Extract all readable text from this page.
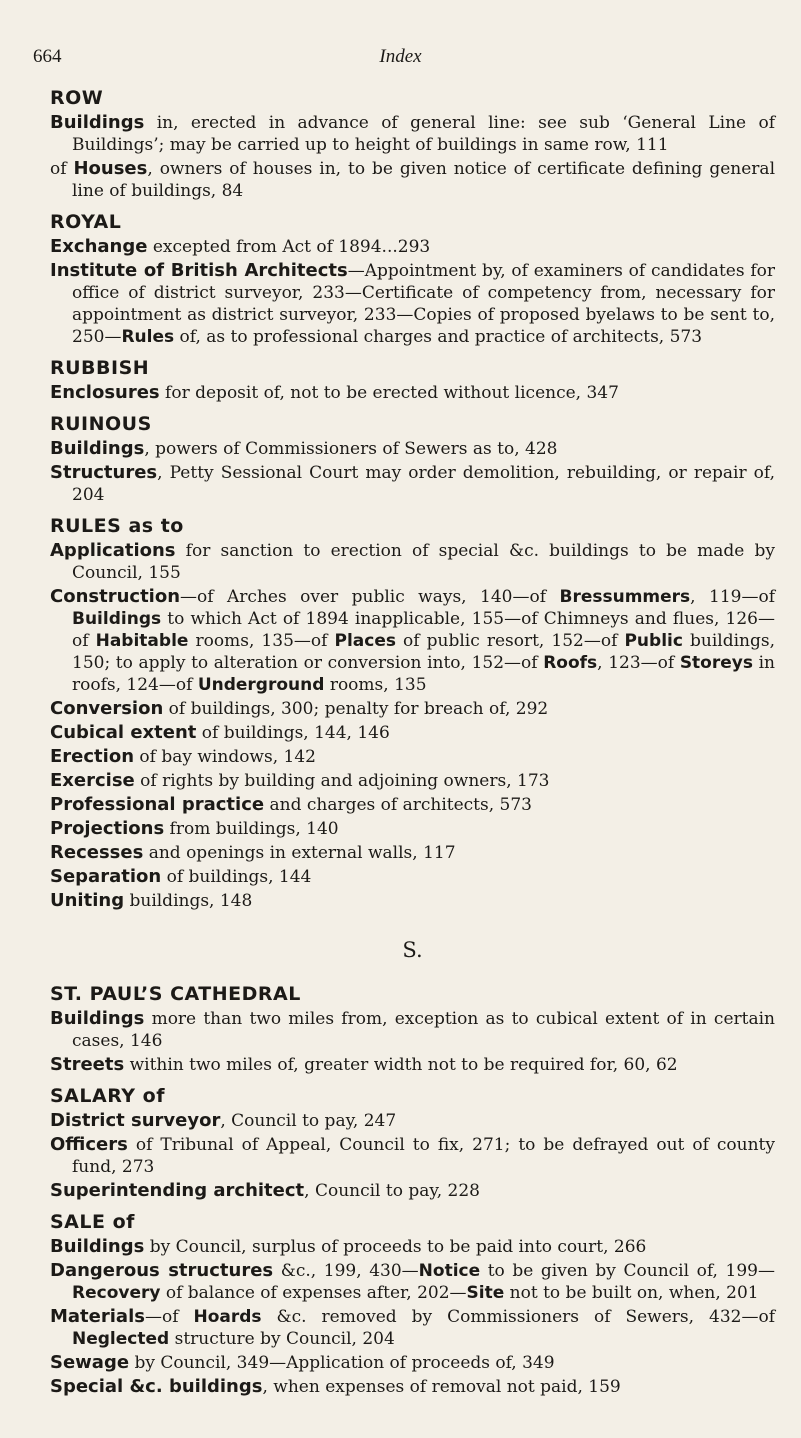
664	Index
ROW
Buildings in, erected in advance of general line: see sub ‘General Line of Buildings’; may be carried up to height of buildings in same row, 111
of Houses, owners of houses in, to be given notice of certificate defining general line of buildings, 84
ROYAL
Exchange excepted from Act of 1894...293
Institute of British Architects—Appointment by, of examiners of candidates for office of district surveyor, 233—Certificate of competency from, necessary for appointment as district surveyor, 233—Copies of proposed byelaws to be sent to, 250—Rules of, as to professional charges and practice of architects, 573
RUBBISH
Enclosures for deposit of, not to be erected without licence, 347
RUINOUS
Buildings, powers of Commissioners of Sewers as to, 428
Structures, Petty Sessional Court may order demolition, rebuilding, or repair of, 204
RULES as to
Applications for sanction to erection of special &c. buildings to be made by Council, 155
Construction—of Arches over public ways, 140—of Bressummers, 119—of Buildings to which Act of 1894 inapplicable, 155—of Chimneys and flues, 126—of Habitable rooms, 135—of Places of public resort, 152—of Public buildings, 150; to apply to alteration or conversion into, 152—of Roofs, 123—of Storeys in roofs, 124—of Underground rooms, 135
Conversion of buildings, 300; penalty for breach of, 292
Cubical extent of buildings, 144, 146
Erection of bay windows, 142
Exercise of rights by building and adjoining owners, 173
Professional practice and charges of architects, 573
Projections from buildings, 140
Recesses and openings in external walls, 117
Separation of buildings, 144
Uniting buildings, 148
S.
ST. PAUL’S CATHEDRAL
Buildings more than two miles from, exception as to cubical extent of in certain cases, 146
Streets within two miles of, greater width not to be required for, 60, 62
SALARY of
District surveyor, Council to pay, 247
Officers of Tribunal of Appeal, Council to fix, 271; to be defrayed out of county fund, 273
Superintending architect, Council to pay, 228
SALE of
Buildings by Council, surplus of proceeds to be paid into court, 266
Dangerous structures &c., 199, 430—Notice to be given by Council of, 199—Recovery of balance of expenses after, 202—Site not to be built on, when, 201
Materials—of Hoards &c. removed by Commissioners of Sewers, 432—of Neglected structure by Council, 204
Sewage by Council, 349—Application of proceeds of, 349
Special &c. buildings, when expenses of removal not paid, 159
